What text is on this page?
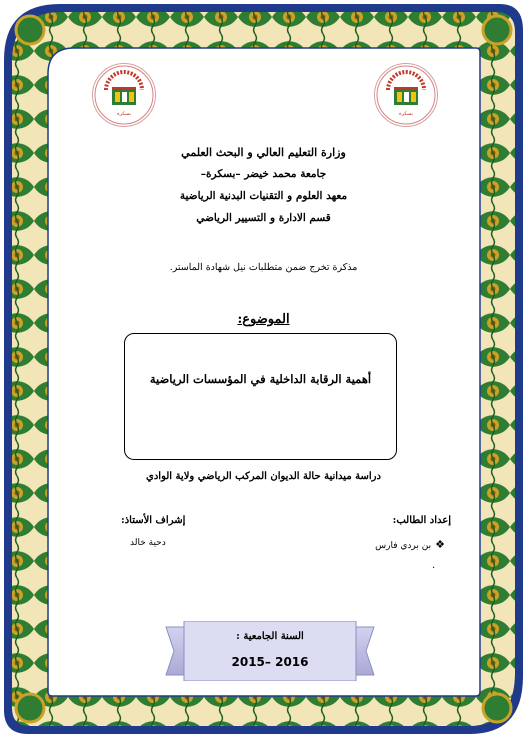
بسكرة	بسكرة
وزارة التعليم العالي و البحث العلمي
جامعة محمد خيضر –بسكرة–
معهد العلوم و التقنيات البدنية الرياضية
قسم الادارة و التسيير الرياضي
مذكرة تخرج ضمن متطلبات نيل شهادة الماستر.
الموضوع:
أهمية الرقابة الداخلية في المؤسسات الرياضية
دراسة ميدانية حالة الديوان المركب الرياضي ولاية الوادي
إعداد الطالب:
❖بن بردي فارس
.
إشراف الأستاذ:
دحية خالد
السنة الجامعية :
2016 –2015
